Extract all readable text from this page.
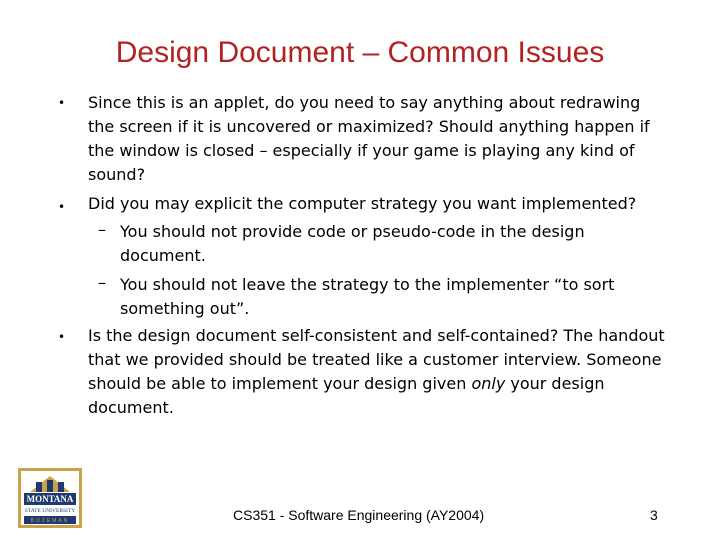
Design Document – Common Issues
• Since this is an applet, do you need to say anything about redrawing the screen if it is uncovered or maximized? Should anything happen if the window is closed – especially if your game is playing any kind of sound?
• Did you may explicit the computer strategy you want implemented?
– You should not provide code or pseudo-code in the design document.
– You should not leave the strategy to the implementer “to sort something out”.
• Is the design document self-consistent and self-contained? The handout that we provided should be treated like a customer interview. Someone should be able to implement your design given only your design document.
MONTANA
STATE UNIVERSITY
BOZEMAN	CS351 - Software Engineering (AY2004)	3
